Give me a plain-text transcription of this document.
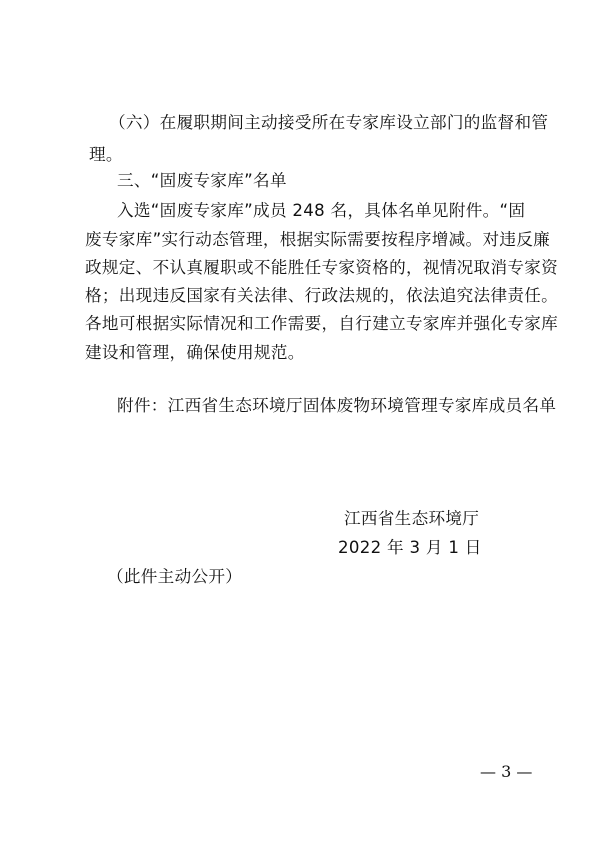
（六）在履职期间主动接受所在专家库设立部门的监督和管
理。
三、“固废专家库”名单
入选“固废专家库”成员 248 名，具体名单见附件。“固
废专家库”实行动态管理，根据实际需要按程序增减。对违反廉
政规定、不认真履职或不能胜任专家资格的，视情况取消专家资
格；出现违反国家有关法律、行政法规的，依法追究法律责任。
各地可根据实际情况和工作需要，自行建立专家库并强化专家库
建设和管理，确保使用规范。
附件：江西省生态环境厅固体废物环境管理专家库成员名单
江西省生态环境厅
2022 年 3 月 1 日
（此件主动公开）
— 3 —
